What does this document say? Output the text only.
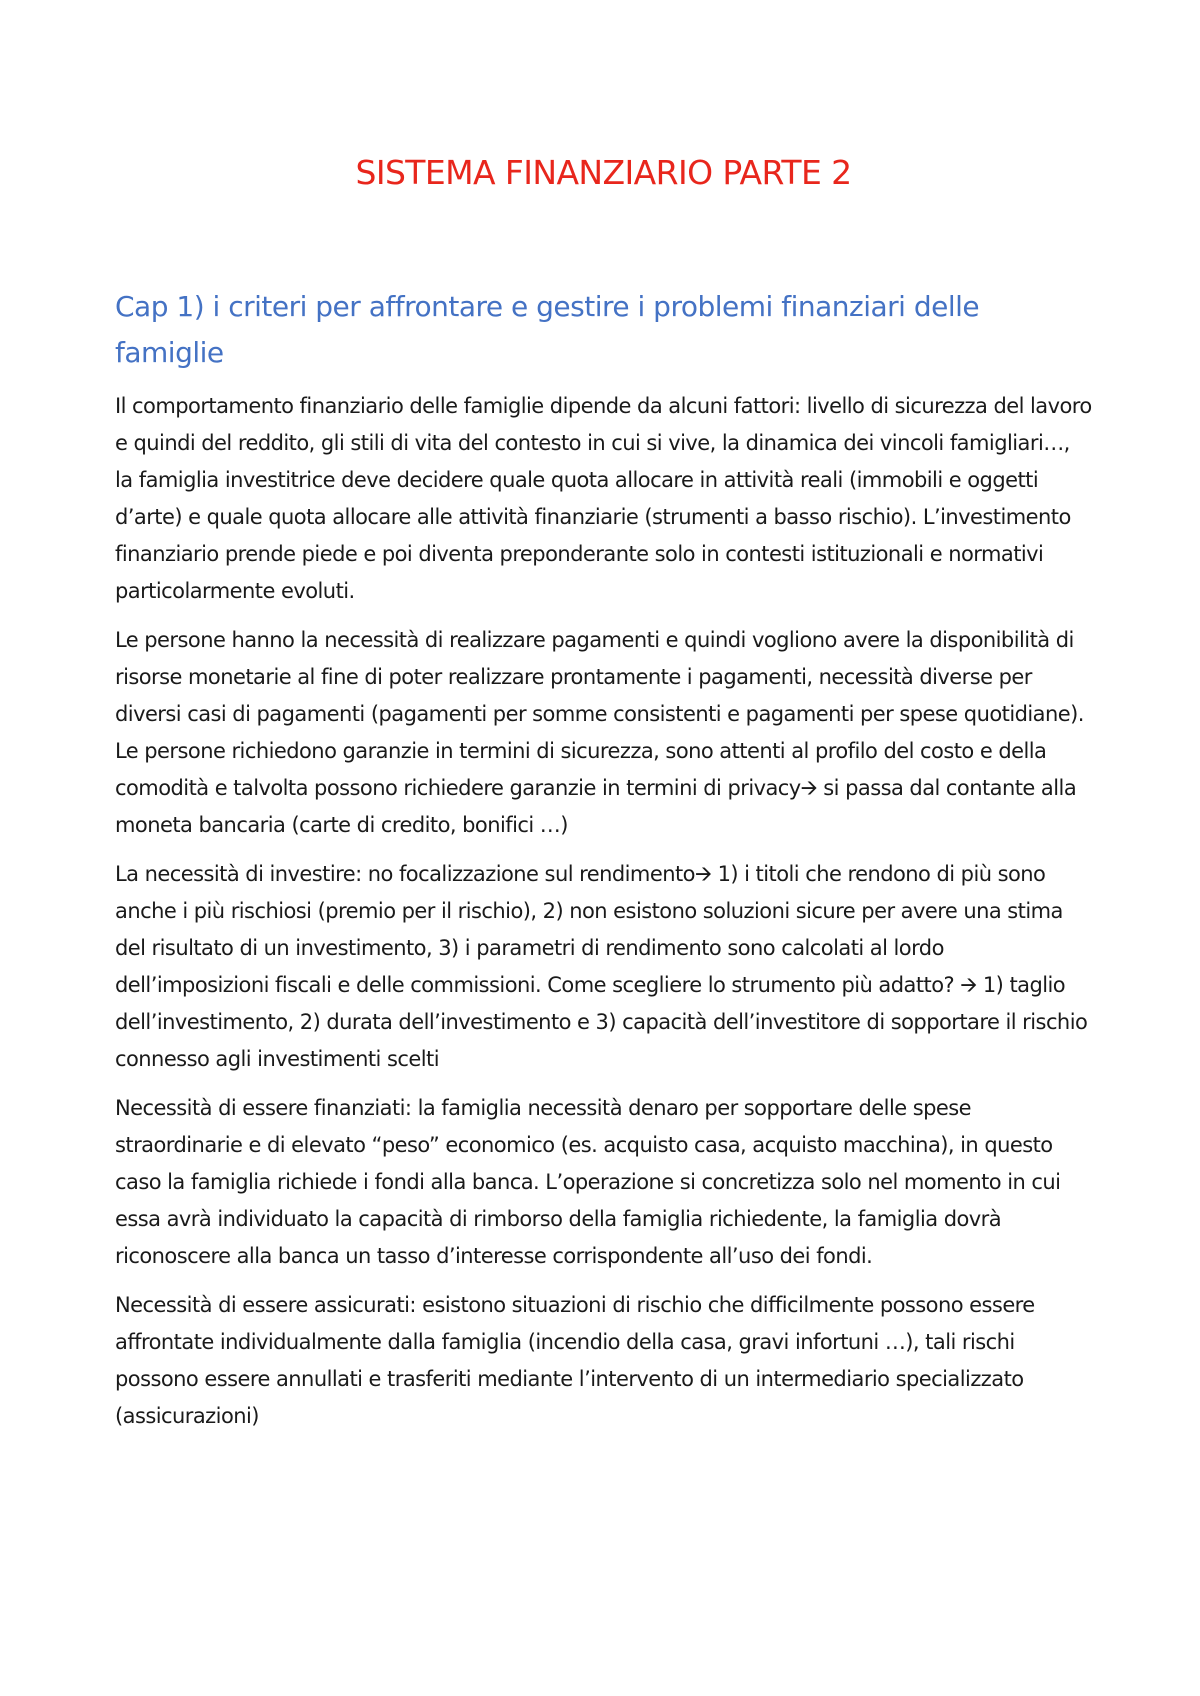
SISTEMA FINANZIARIO PARTE 2
Cap 1) i criteri per affrontare e gestire i problemi finanziari delle famiglie

Il comportamento finanziario delle famiglie dipende da alcuni fattori: livello di sicurezza del lavoro e quindi del reddito, gli stili di vita del contesto in cui si vive, la dinamica dei vincoli famigliari…, la famiglia investitrice deve decidere quale quota allocare in attività reali (immobili e oggetti d’arte) e quale quota allocare alle attività finanziarie (strumenti a basso rischio). L’investimento finanziario prende piede e poi diventa preponderante solo in contesti istituzionali e normativi particolarmente evoluti.

Le persone hanno la necessità di realizzare pagamenti e quindi vogliono avere la disponibilità di risorse monetarie al fine di poter realizzare prontamente i pagamenti, necessità diverse per diversi casi di pagamenti (pagamenti per somme consistenti e pagamenti per spese quotidiane). Le persone richiedono garanzie in termini di sicurezza, sono attenti al profilo del costo e della comodità e talvolta possono richiedere garanzie in termini di privacy🡪 si passa dal contante alla moneta bancaria (carte di credito, bonifici …)

La necessità di investire: no focalizzazione sul rendimento🡪 1) i titoli che rendono di più sono anche i più rischiosi (premio per il rischio), 2) non esistono soluzioni sicure per avere una stima del risultato di un investimento, 3) i parametri di rendimento sono calcolati al lordo dell’imposizioni fiscali e delle commissioni. Come scegliere lo strumento più adatto? 🡪 1) taglio dell’investimento, 2) durata dell’investimento e 3) capacità dell’investitore di sopportare il rischio connesso agli investimenti scelti

Necessità di essere finanziati: la famiglia necessità denaro per sopportare delle spese straordinarie e di elevato “peso” economico (es. acquisto casa, acquisto macchina), in questo caso la famiglia richiede i fondi alla banca. L’operazione si concretizza solo nel momento in cui essa avrà individuato la capacità di rimborso della famiglia richiedente, la famiglia dovrà riconoscere alla banca un tasso d’interesse corrispondente all’uso dei fondi.

Necessità di essere assicurati: esistono situazioni di rischio che difficilmente possono essere affrontate individualmente dalla famiglia (incendio della casa, gravi infortuni …), tali rischi possono essere annullati e trasferiti mediante l’intervento di un intermediario specializzato (assicurazioni)
